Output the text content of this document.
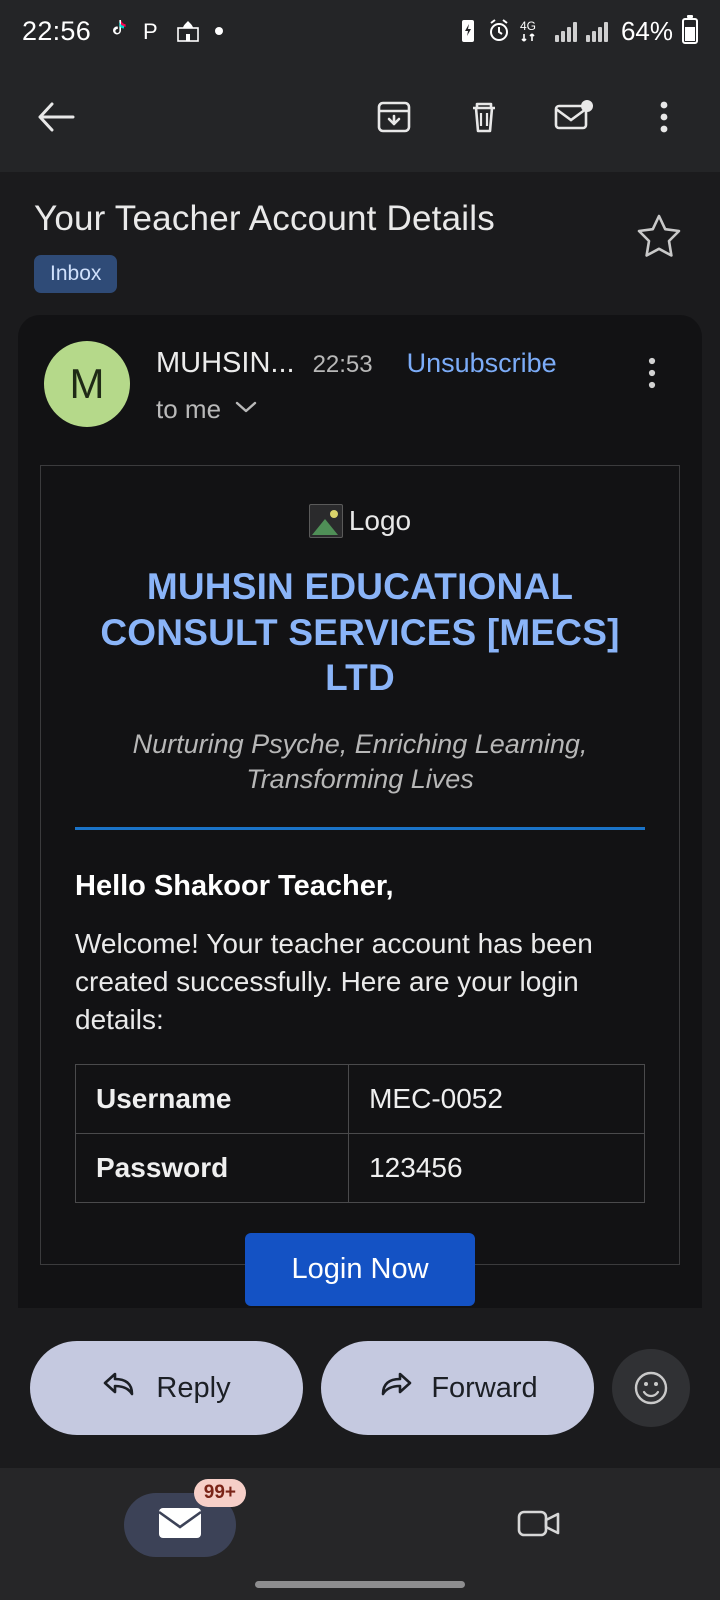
22:56 P	4G	64%
Your Teacher Account Details
Inbox
M	MUHSIN... 22:53 Unsubscribe
to me
Logo
MUHSIN EDUCATIONAL CONSULT SERVICES [MECS] LTD
Nurturing Psyche, Enriching Learning, Transforming Lives
Hello Shakoor Teacher,
Welcome! Your teacher account has been created successfully. Here are your login details:
Username	MEC-0052
Password	123456
Login Now
Reply	Forward
99+
